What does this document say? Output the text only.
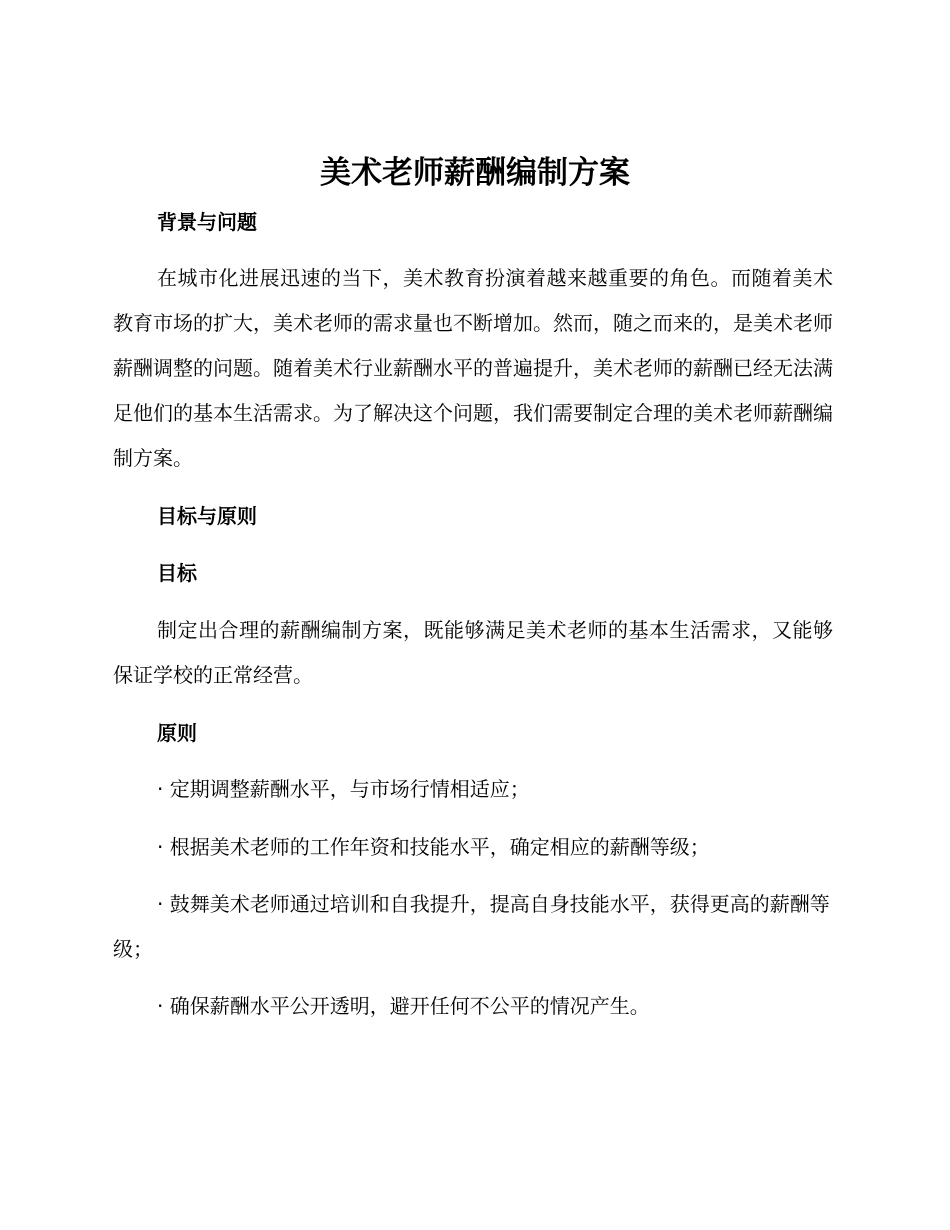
美术老师薪酬编制方案
背景与问题

在城市化进展迅速的当下，美术教育扮演着越来越重要的角色。而随着美术教育市场的扩大，美术老师的需求量也不断增加。然而，随之而来的，是美术老师薪酬调整的问题。随着美术行业薪酬水平的普遍提升，美术老师的薪酬已经无法满足他们的基本生活需求。为了解决这个问题，我们需要制定合理的美术老师薪酬编制方案。

目标与原则
目标

制定出合理的薪酬编制方案，既能够满足美术老师的基本生活需求，又能够保证学校的正常经营。

原则

· 定期调整薪酬水平，与市场行情相适应；

· 根据美术老师的工作年资和技能水平，确定相应的薪酬等级；

· 鼓舞美术老师通过培训和自我提升，提高自身技能水平，获得更高的薪酬等级；

· 确保薪酬水平公开透明，避开任何不公平的情况产生。
